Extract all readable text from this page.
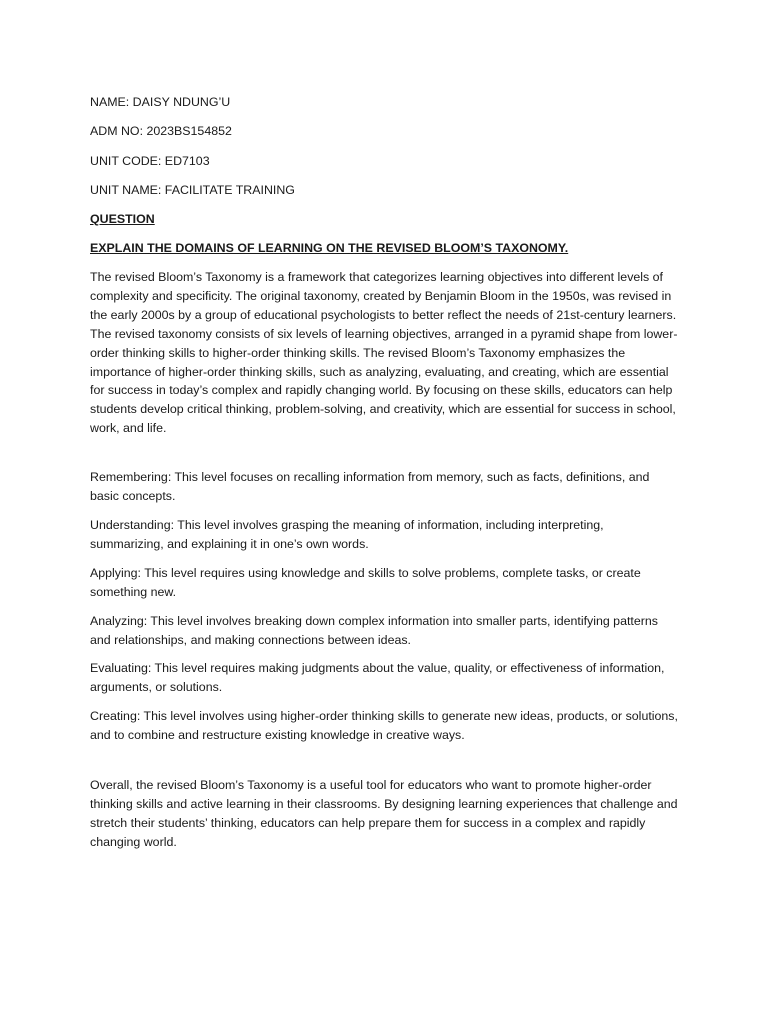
NAME: DAISY NDUNG’U

ADM NO: 2023BS154852

UNIT CODE: ED7103

UNIT NAME: FACILITATE TRAINING

QUESTION

EXPLAIN THE DOMAINS OF LEARNING ON THE REVISED BLOOM’S TAXONOMY.

The revised Bloom’s Taxonomy is a framework that categorizes learning objectives into different levels of complexity and specificity. The original taxonomy, created by Benjamin Bloom in the 1950s, was revised in the early 2000s by a group of educational psychologists to better reflect the needs of 21st-century learners. The revised taxonomy consists of six levels of learning objectives, arranged in a pyramid shape from lower-order thinking skills to higher-order thinking skills. The revised Bloom’s Taxonomy emphasizes the importance of higher-order thinking skills, such as analyzing, evaluating, and creating, which are essential for success in today’s complex and rapidly changing world. By focusing on these skills, educators can help students develop critical thinking, problem-solving, and creativity, which are essential for success in school, work, and life.

Remembering: This level focuses on recalling information from memory, such as facts, definitions, and basic concepts.

Understanding: This level involves grasping the meaning of information, including interpreting, summarizing, and explaining it in one’s own words.

Applying: This level requires using knowledge and skills to solve problems, complete tasks, or create something new.

Analyzing: This level involves breaking down complex information into smaller parts, identifying patterns and relationships, and making connections between ideas.

Evaluating: This level requires making judgments about the value, quality, or effectiveness of information, arguments, or solutions.

Creating: This level involves using higher-order thinking skills to generate new ideas, products, or solutions, and to combine and restructure existing knowledge in creative ways.

Overall, the revised Bloom’s Taxonomy is a useful tool for educators who want to promote higher-order thinking skills and active learning in their classrooms. By designing learning experiences that challenge and stretch their students’ thinking, educators can help prepare them for success in a complex and rapidly changing world.
